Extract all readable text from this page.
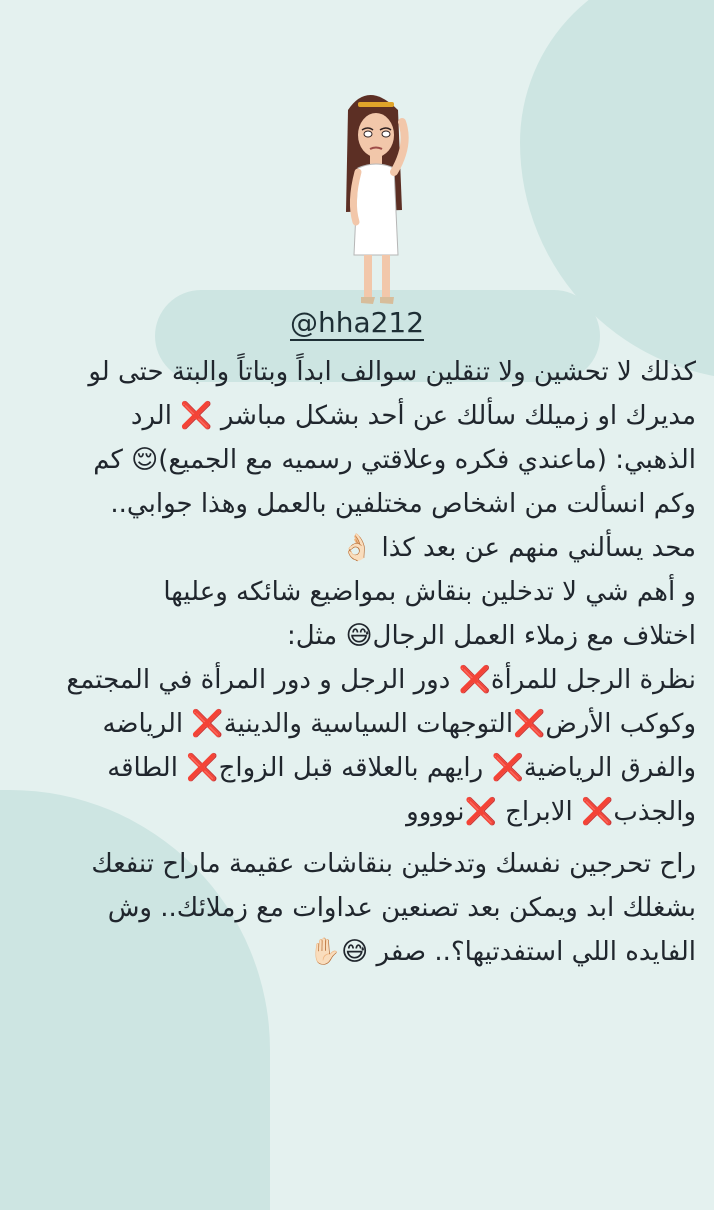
@hha212
كذلك لا تحشين ولا تنقلين سوالف ابداً وبتاتاً والبتة حتى لو
مديرك او زميلك سألك عن أحد بشكل مباشر ❌ الرد
الذهبي: (ماعندي فكره وعلاقتي رسميه مع الجميع)😌 كم
وكم انسألت من اشخاص مختلفين بالعمل وهذا جوابي..
محد يسألني منهم عن بعد كذا 👌🏻
و أهم شي لا تدخلين بنقاش بمواضيع شائكه وعليها
اختلاف مع زملاء العمل الرجال😅 مثل:
نظرة الرجل للمرأة❌ دور الرجل و دور المرأة في المجتمع
وكوكب الأرض❌التوجهات السياسية والدينية❌ الرياضه
والفرق الرياضية❌ رايهم بالعلاقه قبل الزواج❌ الطاقه
والجذب❌ الابراج ❌نوووو
راح تحرجين نفسك وتدخلين بنقاشات عقيمة ماراح تنفعك
بشغلك ابد ويمكن بعد تصنعين عداوات مع زملائك.. وش
الفايده اللي استفدتيها؟.. صفر 😅✋🏻
